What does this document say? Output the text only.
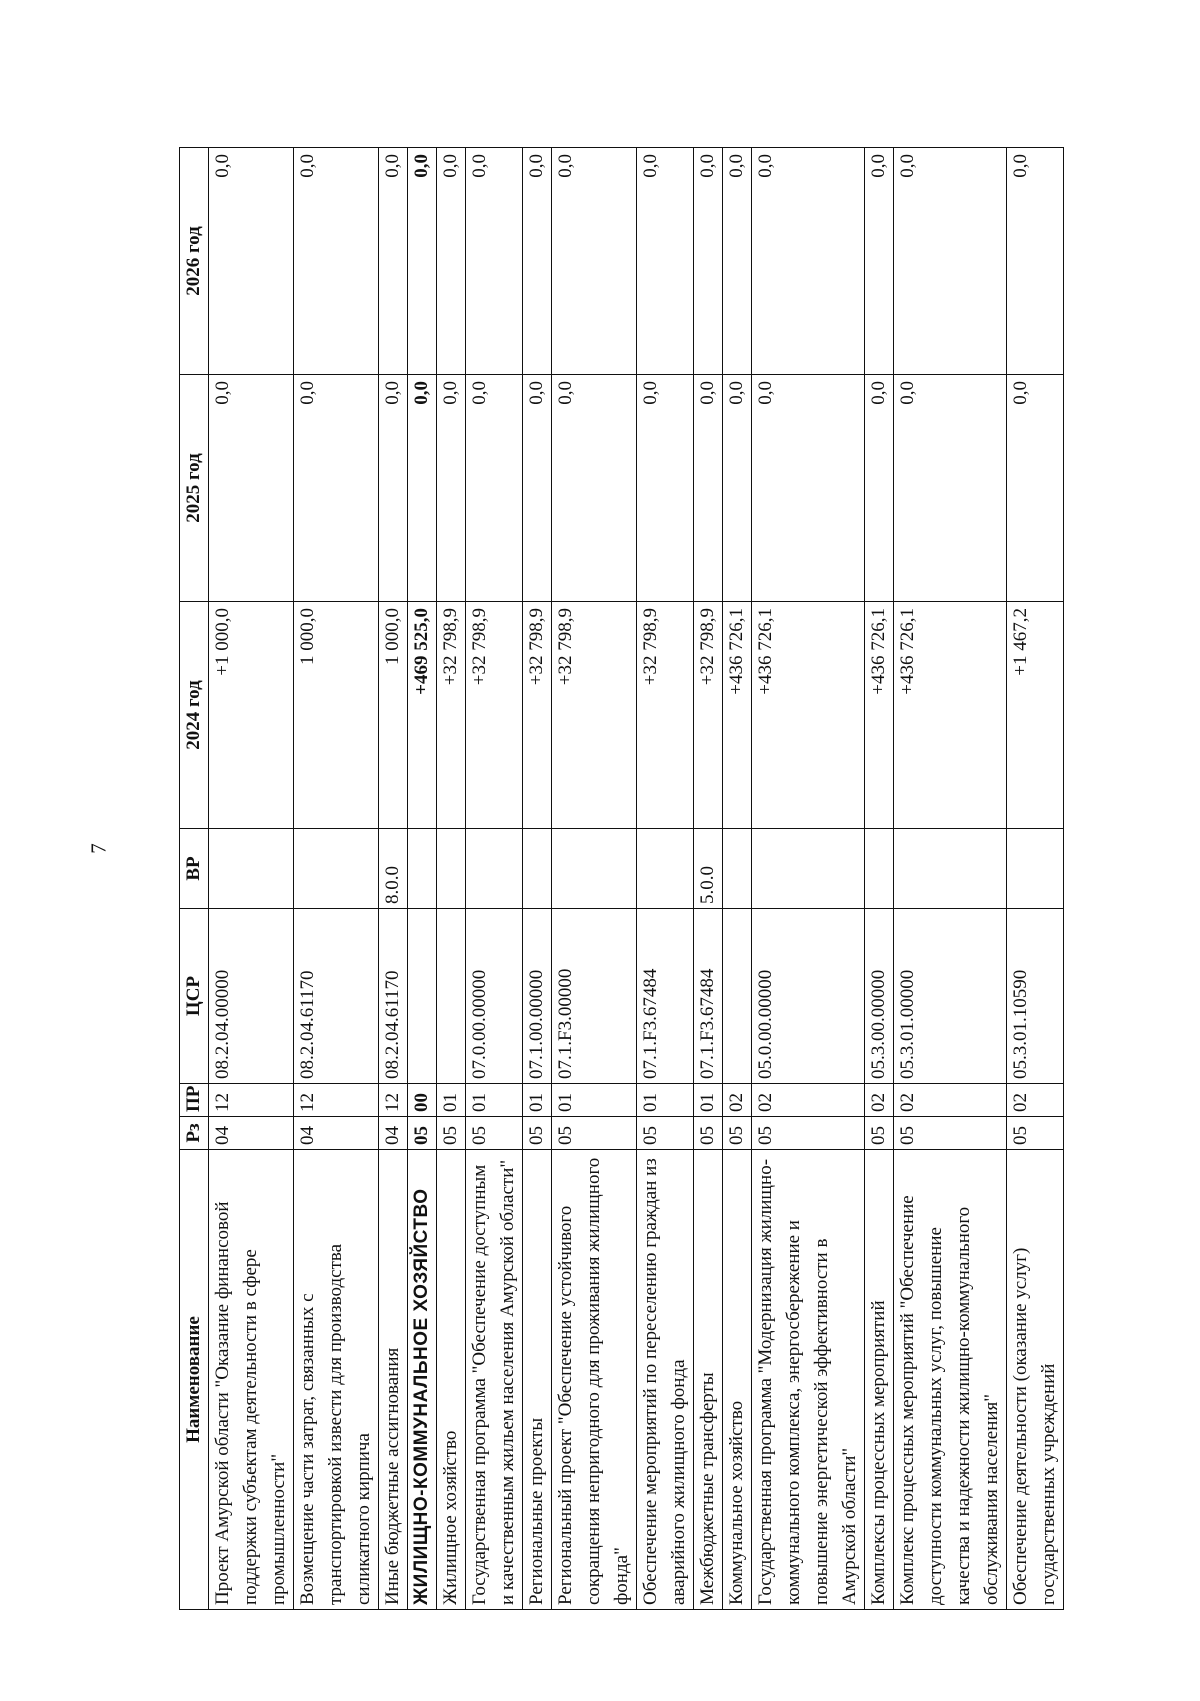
7
Наименование	Рз	ПР	ЦСР	ВР	2024 год	2025 год	2026 год
Проект Амурской области "Оказание финансовой поддержки субъектам деятельности в сфере промышленности"	04	12	08.2.04.00000		+1 000,0	0,0	0,0
Возмещение части затрат, связанных с транспортировкой извести для производства силикатного кирпича	04	12	08.2.04.61170		1 000,0	0,0	0,0
Иные бюджетные ассигнования	04	12	08.2.04.61170	8.0.0	1 000,0	0,0	0,0
ЖИЛИЩНО-КОММУНАЛЬНОЕ ХОЗЯЙСТВО	05	00			+469 525,0	0,0	0,0
Жилищное хозяйство	05	01			+32 798,9	0,0	0,0
Государственная программа "Обеспечение доступным и качественным жильем населения Амурской области"	05	01	07.0.00.00000		+32 798,9	0,0	0,0
Региональные проекты	05	01	07.1.00.00000		+32 798,9	0,0	0,0
Региональный проект "Обеспечение устойчивого сокращения непригодного для проживания жилищного фонда"	05	01	07.1.F3.00000		+32 798,9	0,0	0,0
Обеспечение мероприятий по переселению граждан из аварийного жилищного фонда	05	01	07.1.F3.67484		+32 798,9	0,0	0,0
Межбюджетные трансферты	05	01	07.1.F3.67484	5.0.0	+32 798,9	0,0	0,0
Коммунальное хозяйство	05	02			+436 726,1	0,0	0,0
Государственная программа "Модернизация жилищно-коммунального комплекса, энергосбережение и повышение энергетической эффективности в Амурской области"	05	02	05.0.00.00000		+436 726,1	0,0	0,0
Комплексы процессных мероприятий	05	02	05.3.00.00000		+436 726,1	0,0	0,0
Комплекс процессных мероприятий "Обеспечение доступности коммунальных услуг, повышение качества и надежности жилищно-коммунального обслуживания населения"	05	02	05.3.01.00000		+436 726,1	0,0	0,0
Обеспечение деятельности (оказание услуг) государственных учреждений	05	02	05.3.01.10590		+1 467,2	0,0	0,0
